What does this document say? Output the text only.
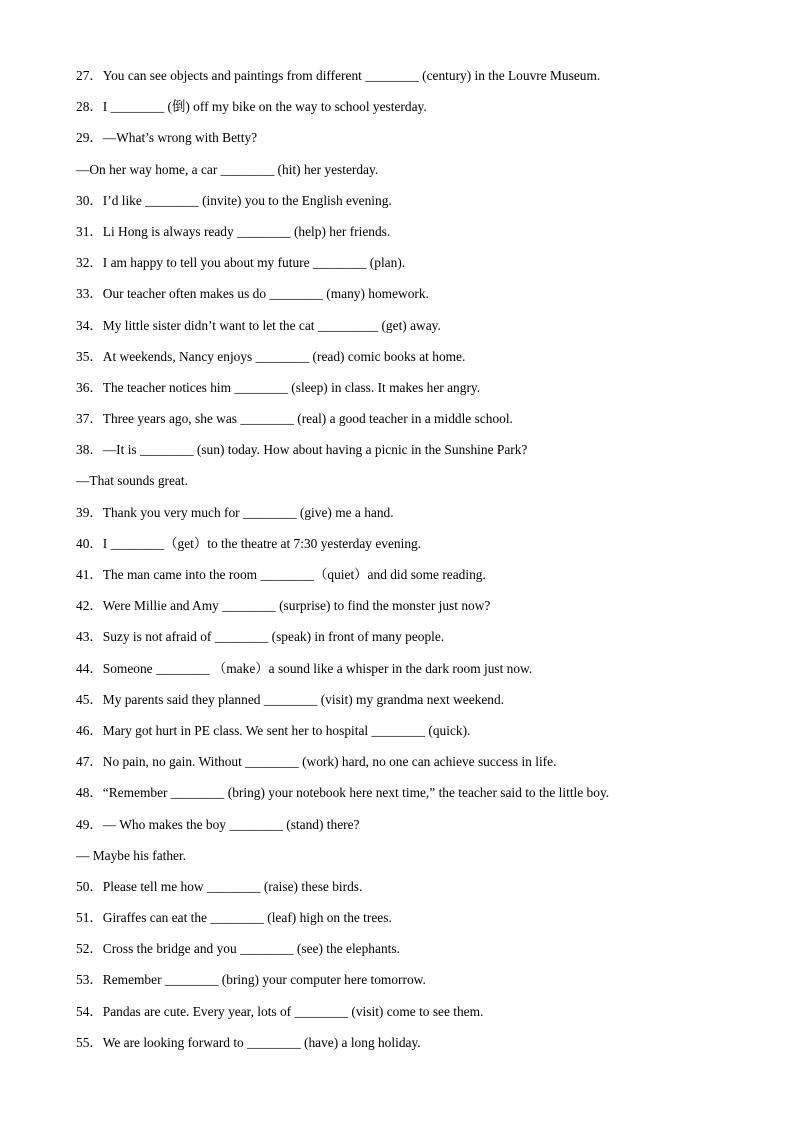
27．You can see objects and paintings from different ________ (century) in the Louvre Museum.
28．I ________ (倒) off my bike on the way to school yesterday.
29．—What’s wrong with Betty?
—On her way home, a car ________ (hit) her yesterday.
30．I’d like ________ (invite) you to the English evening.
31．Li Hong is always ready ________ (help) her friends.
32．I am happy to tell you about my future ________ (plan).
33．Our teacher often makes us do ________ (many) homework.
34．My little sister didn’t want to let the cat _________ (get) away.
35．At weekends, Nancy enjoys ________ (read) comic books at home.
36．The teacher notices him ________ (sleep) in class. It makes her angry.
37．Three years ago, she was ________ (real) a good teacher in a middle school.
38．—It is ________ (sun) today. How about having a picnic in the Sunshine Park?
—That sounds great.
39．Thank you very much for ________ (give) me a hand.
40．I ________（get）to the theatre at 7:30 yesterday evening.
41．The man came into the room ________（quiet）and did some reading.
42．Were Millie and Amy ________ (surprise) to find the monster just now?
43．Suzy is not afraid of ________ (speak) in front of many people.
44．Someone ________ （make）a sound like a whisper in the dark room just now.
45．My parents said they planned ________ (visit) my grandma next weekend.
46．Mary got hurt in PE class. We sent her to hospital ________ (quick).
47．No pain, no gain. Without ________ (work) hard, no one can achieve success in life.
48．“Remember ________ (bring) your notebook here next time,” the teacher said to the little boy.
49．— Who makes the boy ________ (stand) there?
— Maybe his father.
50．Please tell me how ________ (raise) these birds.
51．Giraffes can eat the ________ (leaf) high on the trees.
52．Cross the bridge and you ________ (see) the elephants.
53．Remember ________ (bring) your computer here tomorrow.
54．Pandas are cute. Every year, lots of ________ (visit) come to see them.
55．We are looking forward to ________ (have) a long holiday.
